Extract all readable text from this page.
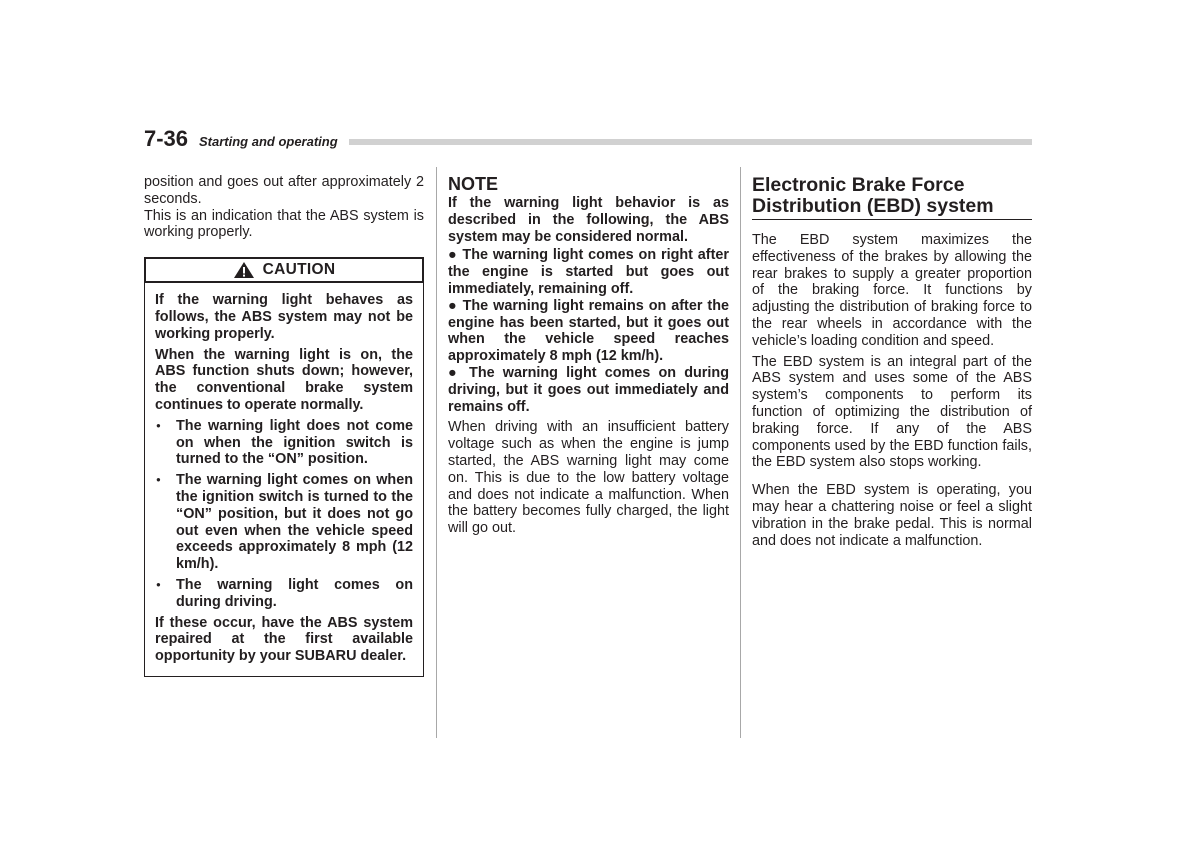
7-36 Starting and operating

position and goes out after approximately 2 seconds.

This is an indication that the ABS system is working properly.

CAUTION

If the warning light behaves as follows, the ABS system may not be working properly.

When the warning light is on, the ABS function shuts down; however, the conventional brake system continues to operate normally.

● The warning light does not come on when the ignition switch is turned to the “ON” position.

● The warning light comes on when the ignition switch is turned to the “ON” position, but it does not go out even when the vehicle speed exceeds approximately 8 mph (12 km/h).

● The warning light comes on during driving.

If these occur, have the ABS system repaired at the first available opportunity by your SUBARU dealer.

NOTE

If the warning light behavior is as described in the following, the ABS system may be considered normal.

● The warning light comes on right after the engine is started but goes out immediately, remaining off.

● The warning light remains on after the engine has been started, but it goes out when the vehicle speed reaches approximately 8 mph (12 km/h).

● The warning light comes on during driving, but it goes out immediately and remains off.

When driving with an insufficient battery voltage such as when the engine is jump started, the ABS warning light may come on. This is due to the low battery voltage and does not indicate a malfunction. When the battery becomes fully charged, the light will go out.

Electronic Brake Force Distribution (EBD) system

The EBD system maximizes the effectiveness of the brakes by allowing the rear brakes to supply a greater proportion of the braking force. It functions by adjusting the distribution of braking force to the rear wheels in accordance with the vehicle’s loading condition and speed.

The EBD system is an integral part of the ABS system and uses some of the ABS system’s components to perform its function of optimizing the distribution of braking force. If any of the ABS components used by the EBD function fails, the EBD system also stops working.

When the EBD system is operating, you may hear a chattering noise or feel a slight vibration in the brake pedal. This is normal and does not indicate a malfunction.
